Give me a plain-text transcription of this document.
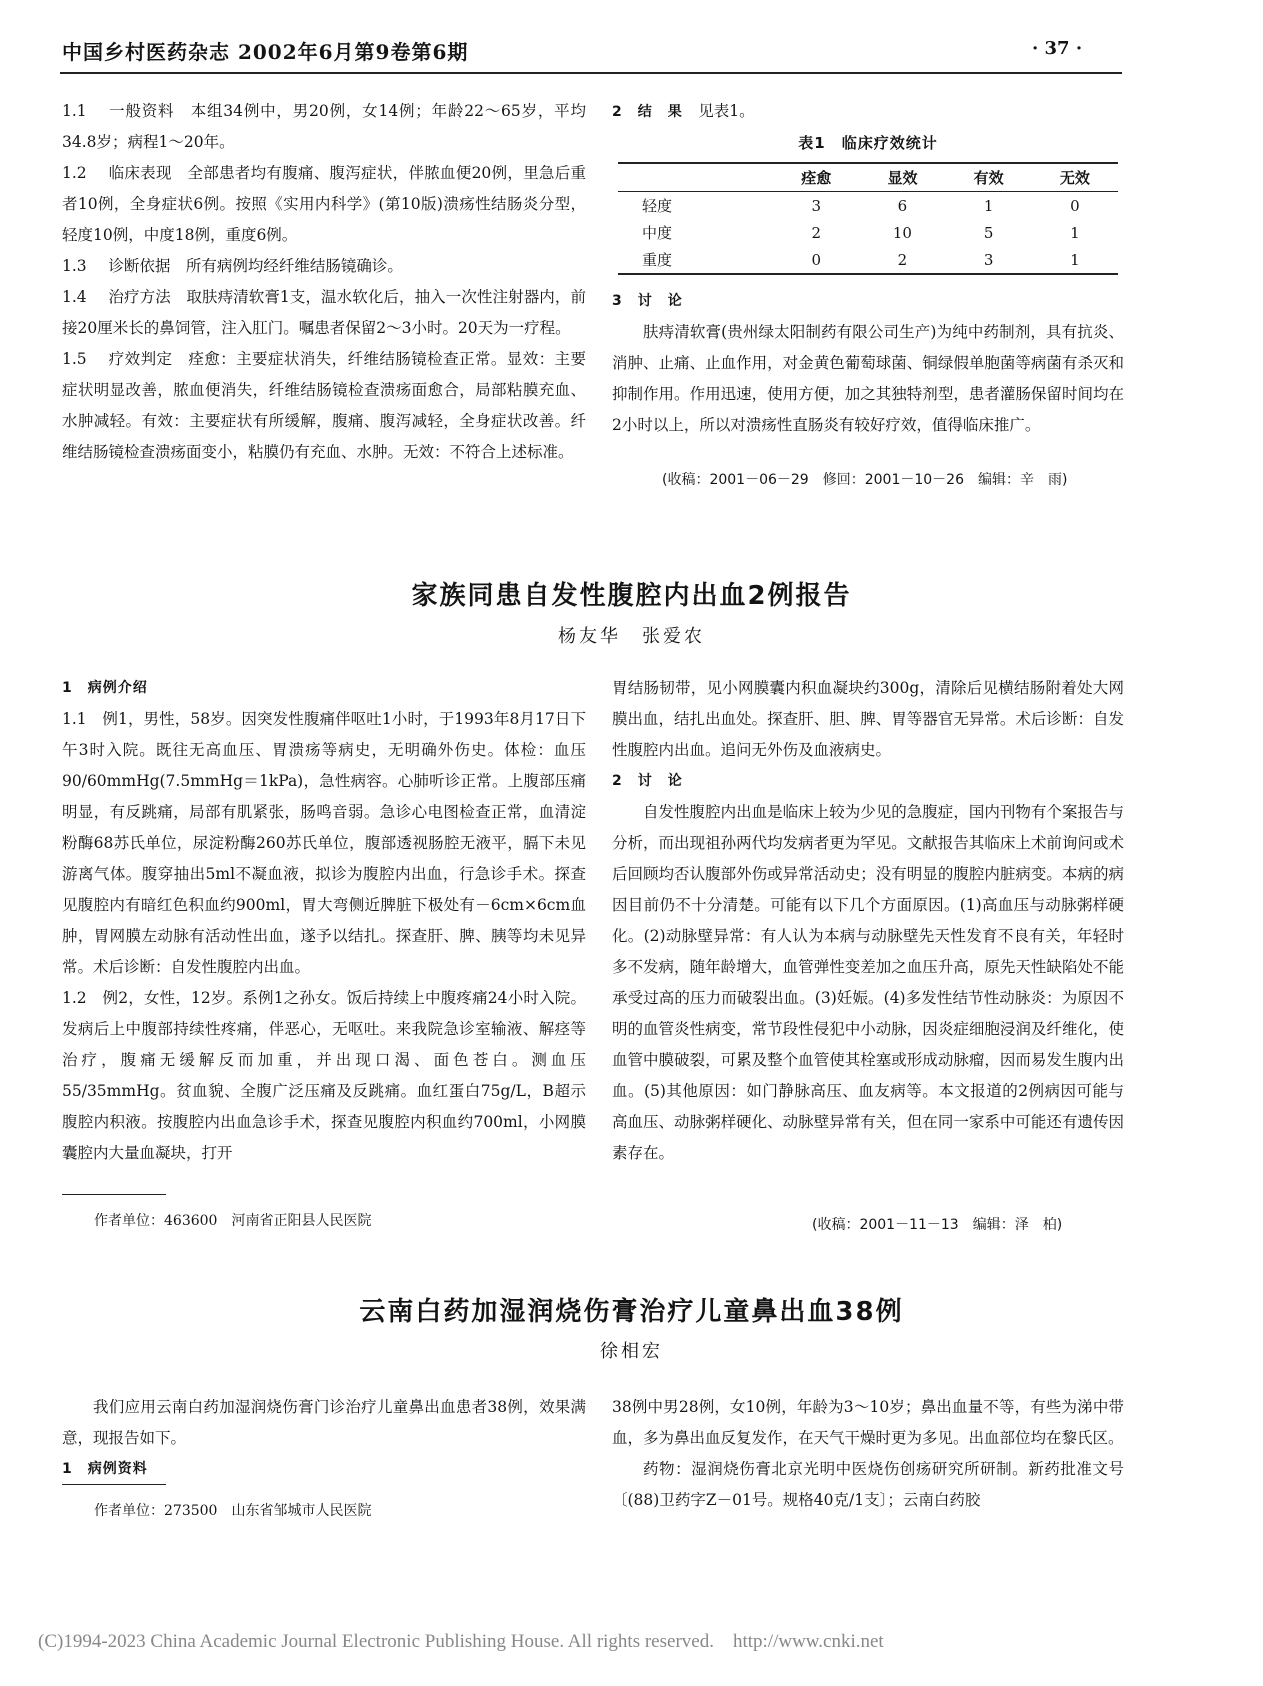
中国乡村医药杂志 2002年6月第9卷第6期	· 37 ·

1.1 一般资料　 本组34例中，男20例，女14例；年龄22～65岁，平均34.8岁；病程1～20年。

1.2 临床表现　 全部患者均有腹痛、腹泻症状，伴脓血便20例，里急后重者10例，全身症状6例。按照《实用内科学》(第10版)溃疡性结肠炎分型，轻度10例，中度18例，重度6例。

1.3 诊断依据　 所有病例均经纤维结肠镜确诊。

1.4 治疗方法　 取肤痔清软膏1支，温水软化后，抽入一次性注射器内，前接20厘米长的鼻饲管，注入肛门。嘱患者保留2～3小时。20天为一疗程。

1.5 疗效判定　 痊愈：主要症状消失，纤维结肠镜检查正常。显效：主要症状明显改善，脓血便消失，纤维结肠镜检查溃疡面愈合，局部粘膜充血、水肿减轻。有效：主要症状有所缓解，腹痛、腹泻减轻，全身症状改善。纤维结肠镜检查溃疡面变小，粘膜仍有充血、水肿。无效：不符合上述标准。

2　结　果　 见表1。

表1　临床疗效统计
	痊愈	显效	有效	无效
轻度	3	6	1	0
中度	2	10	5	1
重度	0	2	3	1

3　讨　论

肤痔清软膏(贵州绿太阳制药有限公司生产)为纯中药制剂，具有抗炎、消肿、止痛、止血作用，对金黄色葡萄球菌、铜绿假单胞菌等病菌有杀灭和抑制作用。作用迅速，使用方便，加之其独特剂型，患者灌肠保留时间均在2小时以上，所以对溃疡性直肠炎有较好疗效，值得临床推广。

(收稿：2001－06－29　修回：2001－10－26　编辑：辛　雨)
家族同患自发性腹腔内出血2例报告
杨友华　张爱农

1　病例介绍

1.1　例1，男性，58岁。因突发性腹痛伴呕吐1小时，于1993年8月17日下午3时入院。既往无高血压、胃溃疡等病史，无明确外伤史。体检：血压90/60mmHg(7.5mmHg＝1kPa)，急性病容。心肺听诊正常。上腹部压痛明显，有反跳痛，局部有肌紧张，肠鸣音弱。急诊心电图检查正常，血清淀粉酶68苏氏单位，尿淀粉酶260苏氏单位，腹部透视肠腔无液平，膈下未见游离气体。腹穿抽出5ml不凝血液，拟诊为腹腔内出血，行急诊手术。探查见腹腔内有暗红色积血约900ml，胃大弯侧近脾脏下极处有－6cm×6cm血肿，胃网膜左动脉有活动性出血，遂予以结扎。探查肝、脾、胰等均未见异常。术后诊断：自发性腹腔内出血。

1.2　例2，女性，12岁。系例1之孙女。饭后持续上中腹疼痛24小时入院。发病后上中腹部持续性疼痛，伴恶心，无呕吐。来我院急诊室输液、解痉等治疗，腹痛无缓解反而加重，并出现口渴、面色苍白。测血压55/35mmHg。贫血貌、全腹广泛压痛及反跳痛。血红蛋白75g/L，B超示腹腔内积液。按腹腔内出血急诊手术，探查见腹腔内积血约700ml，小网膜囊腔内大量血凝块，打开

作者单位：463600　河南省正阳县人民医院

胃结肠韧带，见小网膜囊内积血凝块约300g，清除后见横结肠附着处大网膜出血，结扎出血处。探查肝、胆、脾、胃等器官无异常。术后诊断：自发性腹腔内出血。追问无外伤及血液病史。

2　讨　论

自发性腹腔内出血是临床上较为少见的急腹症，国内刊物有个案报告与分析，而出现祖孙两代均发病者更为罕见。文献报告其临床上术前询问或术后回顾均否认腹部外伤或异常活动史；没有明显的腹腔内脏病变。本病的病因目前仍不十分清楚。可能有以下几个方面原因。(1)高血压与动脉粥样硬化。(2)动脉壁异常：有人认为本病与动脉壁先天性发育不良有关，年轻时多不发病，随年龄增大，血管弹性变差加之血压升高，原先天性缺陷处不能承受过高的压力而破裂出血。(3)妊娠。(4)多发性结节性动脉炎：为原因不明的血管炎性病变，常节段性侵犯中小动脉，因炎症细胞浸润及纤维化，使血管中膜破裂，可累及整个血管使其栓塞或形成动脉瘤，因而易发生腹内出血。(5)其他原因：如门静脉高压、血友病等。本文报道的2例病因可能与高血压、动脉粥样硬化、动脉壁异常有关，但在同一家系中可能还有遗传因素存在。

(收稿：2001－11－13　编辑：泽　柏)
云南白药加湿润烧伤膏治疗儿童鼻出血38例
徐相宏

我们应用云南白药加湿润烧伤膏门诊治疗儿童鼻出血患者38例，效果满意，现报告如下。

1　病例资料

作者单位：273500　山东省邹城市人民医院

38例中男28例，女10例，年龄为3～10岁；鼻出血量不等，有些为涕中带血，多为鼻出血反复发作，在天气干燥时更为多见。出血部位均在黎氏区。

药物：湿润烧伤膏北京光明中医烧伤创疡研究所研制。新药批准文号〔(88)卫药字Z－01号。规格40克/1支〕；云南白药胶

(C)1994-2023 China Academic Journal Electronic Publishing House. All rights reserved.　http://www.cnki.net
